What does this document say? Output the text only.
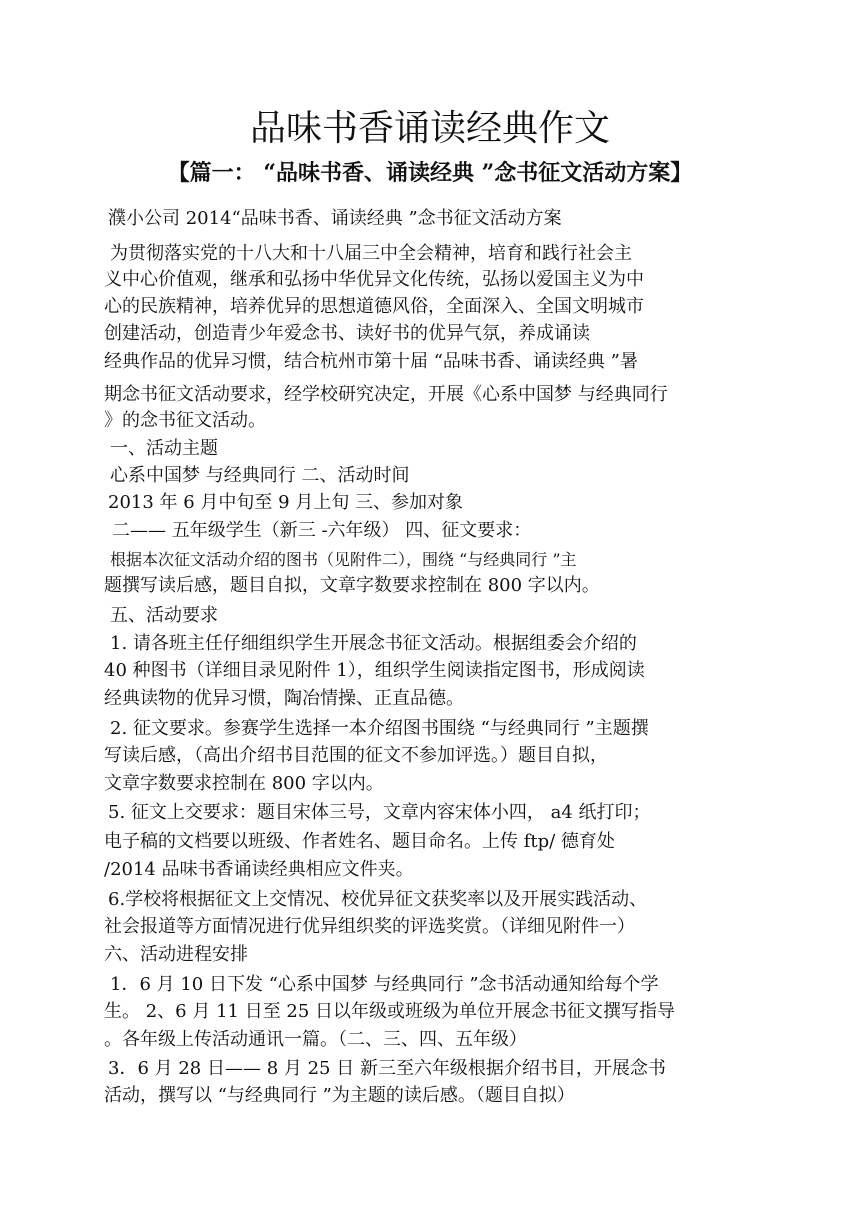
品味书香诵读经典作文
【篇一： “品味书香、诵读经典 ”念书征文活动方案】
濮小公司 2014“品味书香、诵读经典 ”念书征文活动方案
为贯彻落实党的十八大和十八届三中全会精神，培育和践行社会主
义中心价值观，继承和弘扬中华优异文化传统，弘扬以爱国主义为中
心的民族精神，培养优异的思想道德风俗，全面深入、全国文明城市
创建活动，创造青少年爱念书、读好书的优异气氛，养成诵读
经典作品的优异习惯，结合杭州市第十届 “品味书香、诵读经典 ”暑
期念书征文活动要求，经学校研究决定，开展《心系中国梦 与经典同行
》的念书征文活动。
一、活动主题
心系中国梦 与经典同行 二、活动时间
2013 年 6 月中旬至 9 月上旬 三、参加对象
二—— 五年级学生（新三 -六年级） 四、征文要求：
根据本次征文活动介绍的图书（见附件二），围绕 “与经典同行 ”主
题撰写读后感，题目自拟，文章字数要求控制在 800 字以内。
五、活动要求
1. 请各班主任仔细组织学生开展念书征文活动。根据组委会介绍的
40 种图书（详细目录见附件 1），组织学生阅读指定图书，形成阅读
经典读物的优异习惯，陶冶情操、正直品德。
2. 征文要求。参赛学生选择一本介绍图书围绕 “与经典同行 ”主题撰
写读后感，（高出介绍书目范围的征文不参加评选。）题目自拟，
文章字数要求控制在 800 字以内。
5. 征文上交要求：题目宋体三号，文章内容宋体小四， a4 纸打印；
电子稿的文档要以班级、作者姓名、题目命名。上传 ftp/ 德育处
/2014 品味书香诵读经典相应文件夹。
6.学校将根据征文上交情况、校优异征文获奖率以及开展实践活动、
社会报道等方面情况进行优异组织奖的评选奖赏。（详细见附件一）
六、活动进程安排
1．6 月 10 日下发 “心系中国梦 与经典同行 ”念书活动通知给每个学
生。 2、6 月 11 日至 25 日以年级或班级为单位开展念书征文撰写指导
。各年级上传活动通讯一篇。（二、三、四、五年级）
3．6 月 28 日—— 8 月 25 日 新三至六年级根据介绍书目，开展念书
活动，撰写以 “与经典同行 ”为主题的读后感。（题目自拟）
